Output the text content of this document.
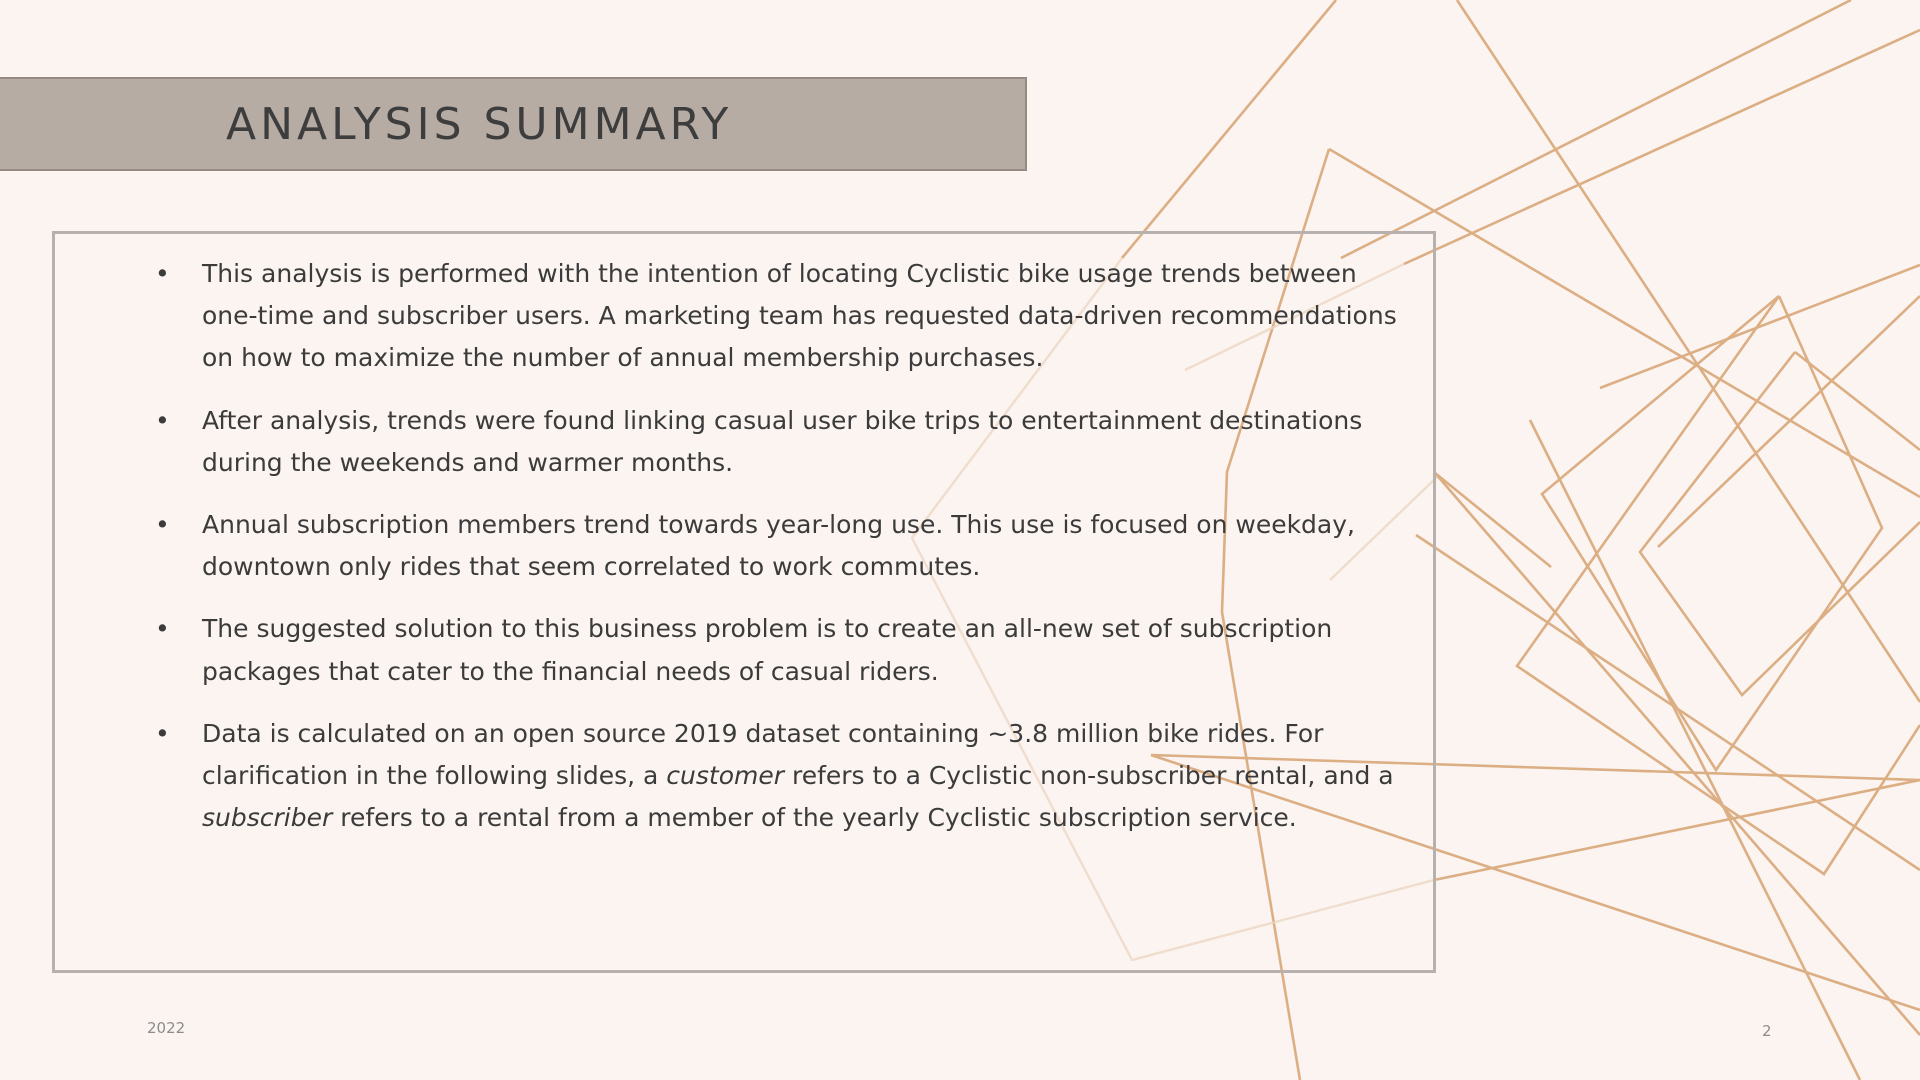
ANALYSIS SUMMARY
• This analysis is performed with the intention of locating Cyclistic bike usage trends between one-time and subscriber users. A marketing team has requested data-driven recommendations on how to maximize the number of annual membership purchases.
• After analysis, trends were found linking casual user bike trips to entertainment destinations during the weekends and warmer months.
• Annual subscription members trend towards year-long use. This use is focused on weekday, downtown only rides that seem correlated to work commutes.
• The suggested solution to this business problem is to create an all-new set of subscription packages that cater to the financial needs of casual riders.
• Data is calculated on an open source 2019 dataset containing ~3.8 million bike rides. For clarification in the following slides, a customer refers to a Cyclistic non-subscriber rental, and a subscriber refers to a rental from a member of the yearly Cyclistic subscription service.
2022	2
